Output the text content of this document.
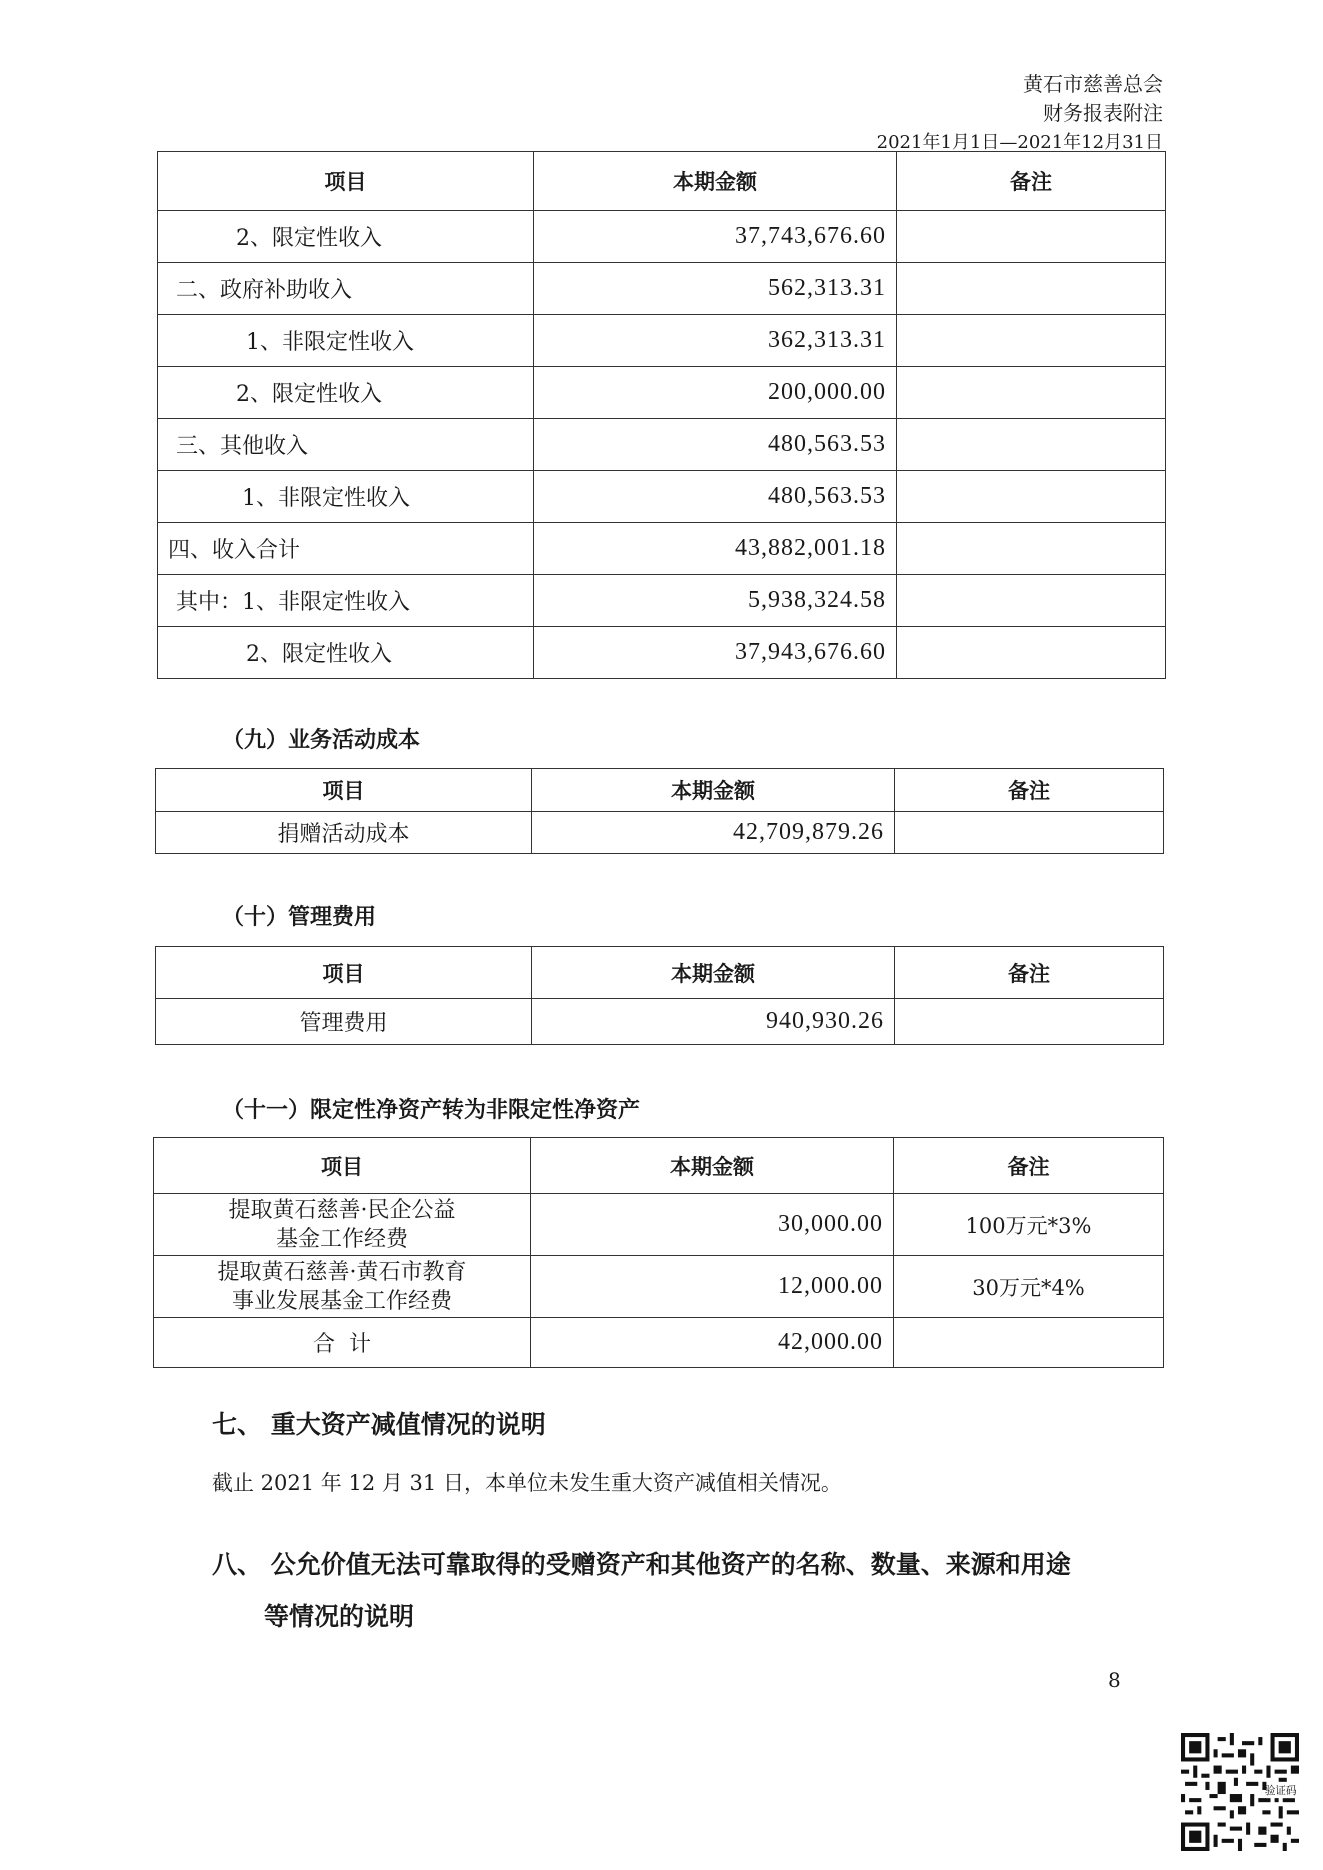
黄石市慈善总会
财务报表附注
2021年1月1日—2021年12月31日
项目	本期金额	备注
2、限定性收入	37,743,676.60	
二、政府补助收入	562,313.31	
1、非限定性收入	362,313.31	
2、限定性收入	200,000.00	
三、其他收入	480,563.53	
1、非限定性收入	480,563.53	
四、收入合计	43,882,001.18	
其中：1、非限定性收入	5,938,324.58	
2、限定性收入	37,943,676.60	
（九）业务活动成本
项目	本期金额	备注
捐赠活动成本	42,709,879.26	
（十）管理费用
项目	本期金额	备注
管理费用	940,930.26	
（十一）限定性净资产转为非限定性净资产
项目	本期金额	备注

提取黄石慈善·民企公益
基金工作经费	30,000.00	100万元*3%

提取黄石慈善·黄石市教育
事业发展基金工作经费	12,000.00	30万元*4%
合  计	42,000.00	
七、 重大资产减值情况的说明
截止 2021 年 12 月 31 日，本单位未发生重大资产减值相关情况。
八、 公允价值无法可靠取得的受赠资产和其他资产的名称、数量、来源和用途
等情况的说明
8
验证码
